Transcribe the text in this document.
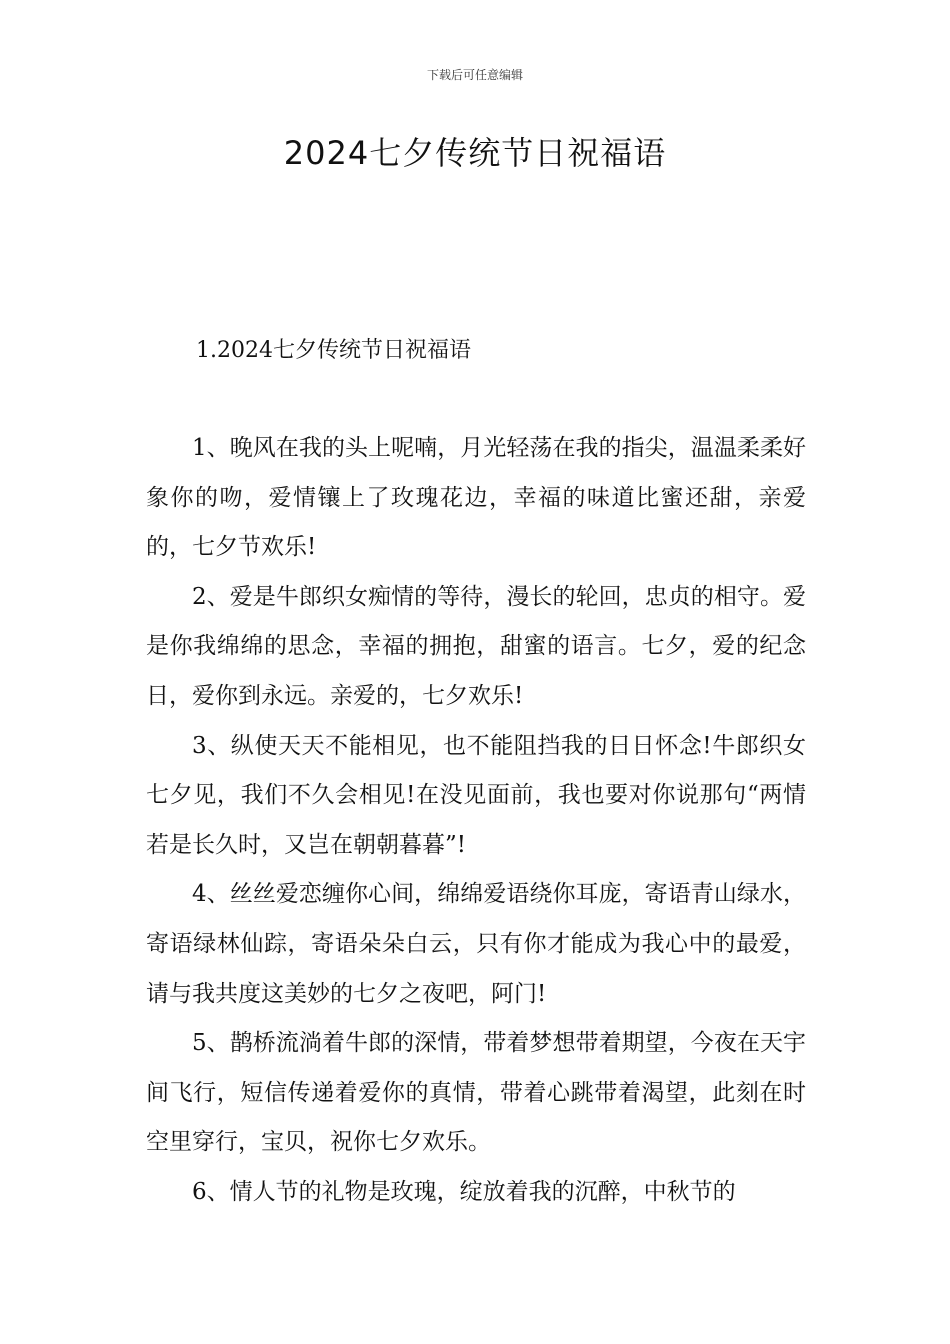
下载后可任意编辑
2024七夕传统节日祝福语
1.2024七夕传统节日祝福语

1、晚风在我的头上呢喃，月光轻荡在我的指尖，温温柔柔好象你的吻，爱情镶上了玫瑰花边，幸福的味道比蜜还甜，亲爱的，七夕节欢乐!

2、爱是牛郎织女痴情的等待，漫长的轮回，忠贞的相守。爱是你我绵绵的思念，幸福的拥抱，甜蜜的语言。七夕，爱的纪念日，爱你到永远。亲爱的，七夕欢乐!

3、纵使天天不能相见，也不能阻挡我的日日怀念!牛郎织女七夕见，我们不久会相见!在没见面前，我也要对你说那句“两情若是长久时，又岂在朝朝暮暮”!

4、丝丝爱恋缠你心间，绵绵爱语绕你耳庞，寄语青山绿水，寄语绿林仙踪，寄语朵朵白云，只有你才能成为我心中的最爱，请与我共度这美妙的七夕之夜吧，阿门!

5、鹊桥流淌着牛郎的深情，带着梦想带着期望，今夜在天宇间飞行，短信传递着爱你的真情，带着心跳带着渴望，此刻在时空里穿行，宝贝，祝你七夕欢乐。

6、情人节的礼物是玫瑰，绽放着我的沉醉，中秋节的
